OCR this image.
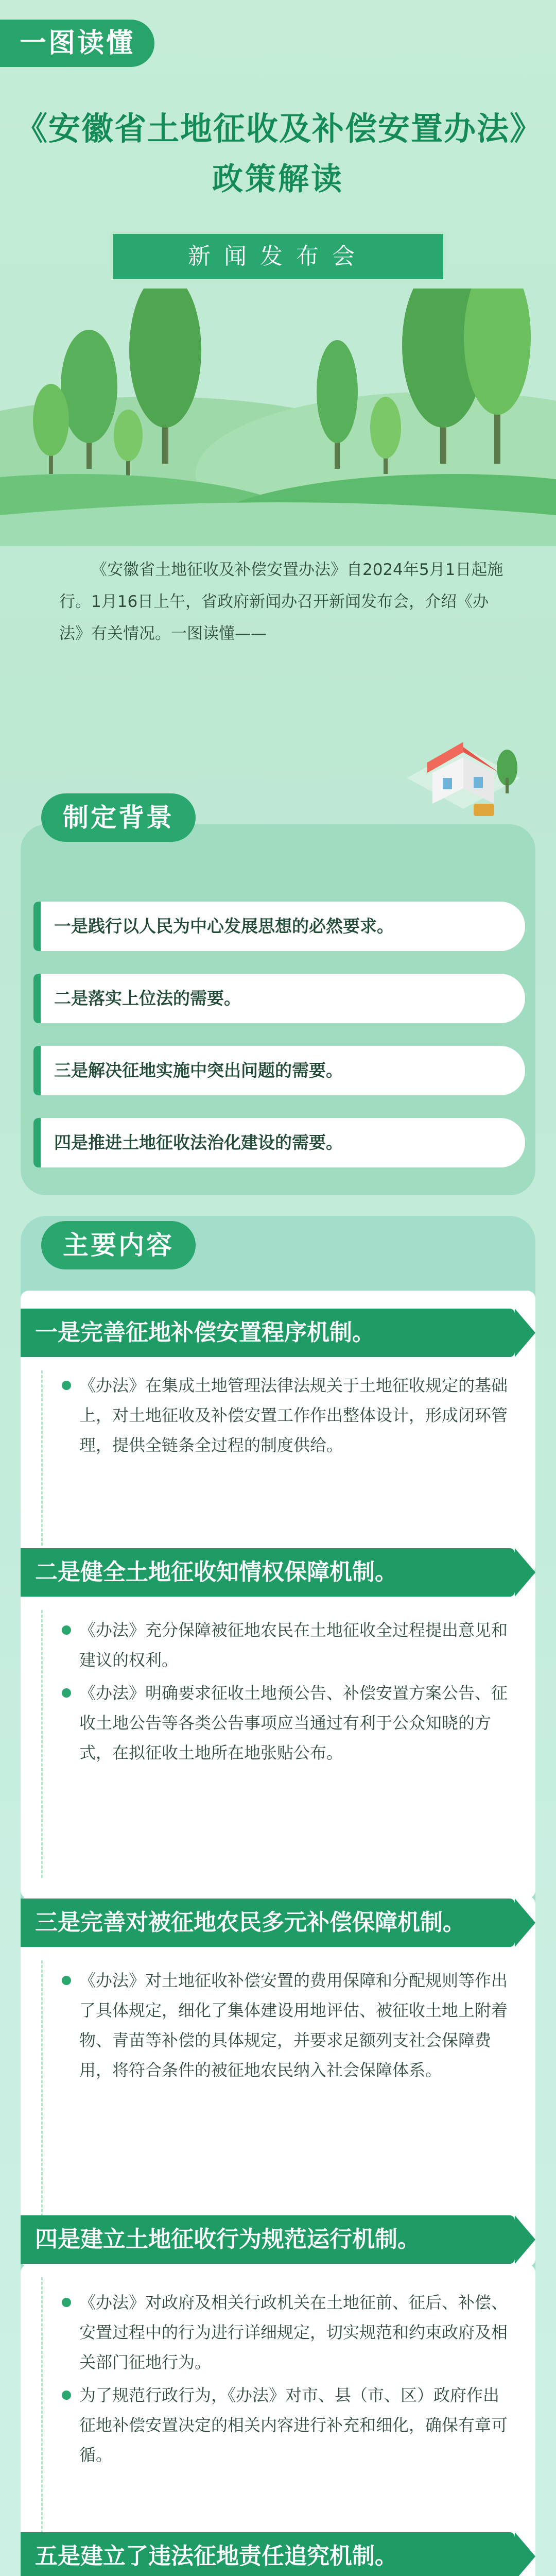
一图读懂
《安徽省土地征收及补偿安置办法》
政策解读
新闻发布会
《安徽省土地征收及补偿安置办法》自2024年5月1日起施行。1月16日上午，省政府新闻办召开新闻发布会，介绍《办法》有关情况。一图读懂——
制定背景
一是践行以人民为中心发展思想的必然要求。
二是落实上位法的需要。
三是解决征地实施中突出问题的需要。
四是推进土地征收法治化建设的需要。
主要内容
一是完善征地补偿安置程序机制。
《办法》在集成土地管理法律法规关于土地征收规定的基础上，对土地征收及补偿安置工作作出整体设计，形成闭环管理，提供全链条全过程的制度供给。
二是健全土地征收知情权保障机制。
《办法》充分保障被征地农民在土地征收全过程提出意见和建议的权利。
《办法》明确要求征收土地预公告、补偿安置方案公告、征收土地公告等各类公告事项应当通过有利于公众知晓的方式，在拟征收土地所在地张贴公布。
三是完善对被征地农民多元补偿保障机制。
《办法》对土地征收补偿安置的费用保障和分配规则等作出了具体规定，细化了集体建设用地评估、被征收土地上附着物、青苗等补偿的具体规定，并要求足额列支社会保障费用，将符合条件的被征地农民纳入社会保障体系。
四是建立土地征收行为规范运行机制。
《办法》对政府及相关行政机关在土地征前、征后、补偿、安置过程中的行为进行详细规定，切实规范和约束政府及相关部门征地行为。
为了规范行政行为，《办法》对市、县（市、区）政府作出征地补偿安置决定的相关内容进行补充和细化，确保有章可循。
五是建立了违法征地责任追究机制。
